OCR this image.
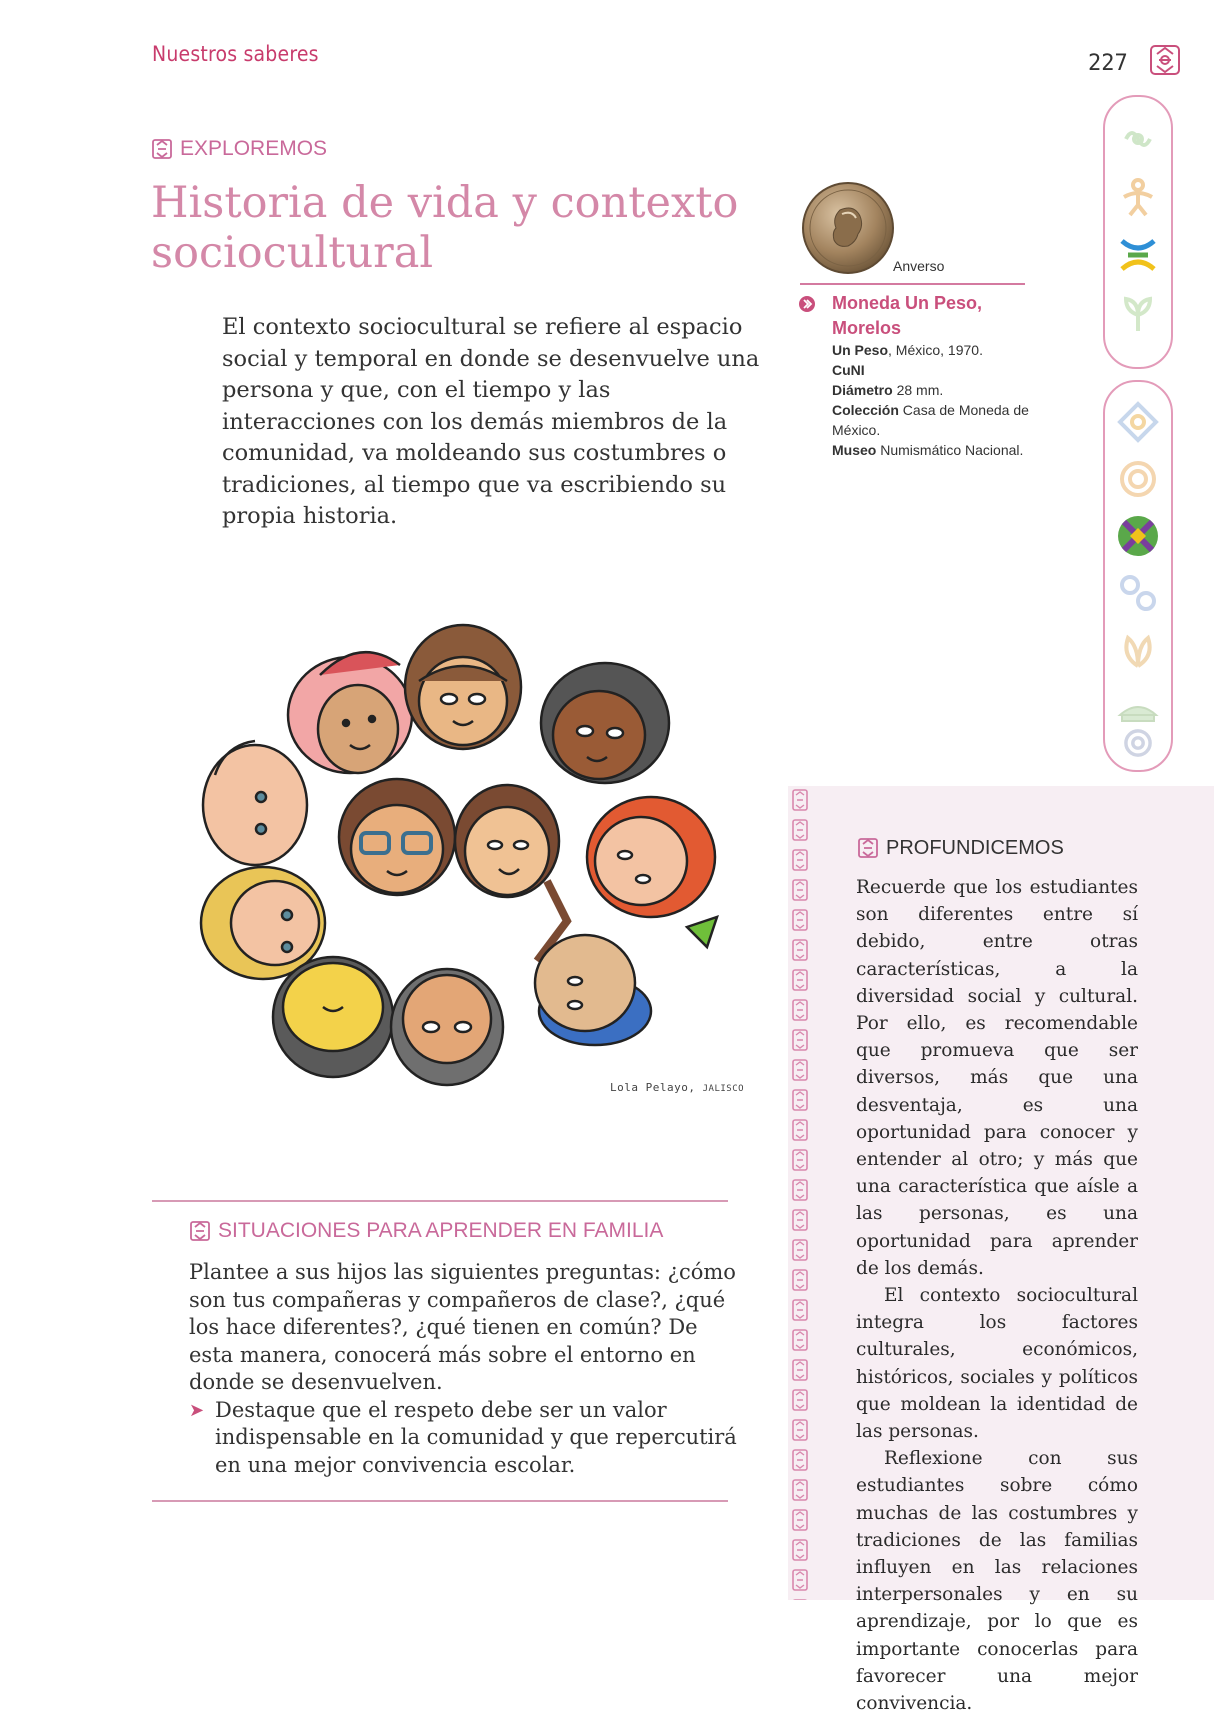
Nuestros saberes	227
EXPLOREMOS
Historia de vida y contexto sociocultural
El contexto sociocultural se refiere al espacio social y temporal en donde se desenvuelve una persona y que, con el tiempo y las interacciones con los demás miembros de la comunidad, va moldeando sus costumbres o tradiciones, al tiempo que va escribiendo su propia historia.
Anverso
Moneda Un Peso, Morelos
Un Peso, México, 1970.
CuNI
Diámetro 28 mm.
Colección Casa de Moneda de México.
Museo Numismático Nacional.
Lola Pelayo, JALISCO
SITUACIONES PARA APRENDER EN FAMILIA
Plantee a sus hijos las siguientes preguntas: ¿cómo son tus compañeras y compañeros de clase?, ¿qué los hace diferentes?, ¿qué tienen en común? De esta manera, conocerá más sobre el entorno en donde se desenvuelven.
➤ Destaque que el respeto debe ser un valor indispensable en la comunidad y que repercutirá en una mejor convivencia escolar.
PROFUNDICEMOS

Recuerde que los estudiantes son diferentes entre sí debido, entre otras características, a la diversidad social y cultural. Por ello, es recomendable que promueva que ser diversos, más que una desventaja, es una oportunidad para conocer y entender al otro; y más que una característica que aísle a las personas, es una oportunidad para aprender de los demás.

El contexto sociocultural integra los factores culturales, económicos, históricos, sociales y políticos que moldean la identidad de las personas.

Reflexione con sus estudiantes sobre cómo muchas de las costumbres y tradiciones de las familias influyen en las relaciones interpersonales y en su aprendizaje, por lo que es importante conocerlas para favorecer una mejor convivencia.
